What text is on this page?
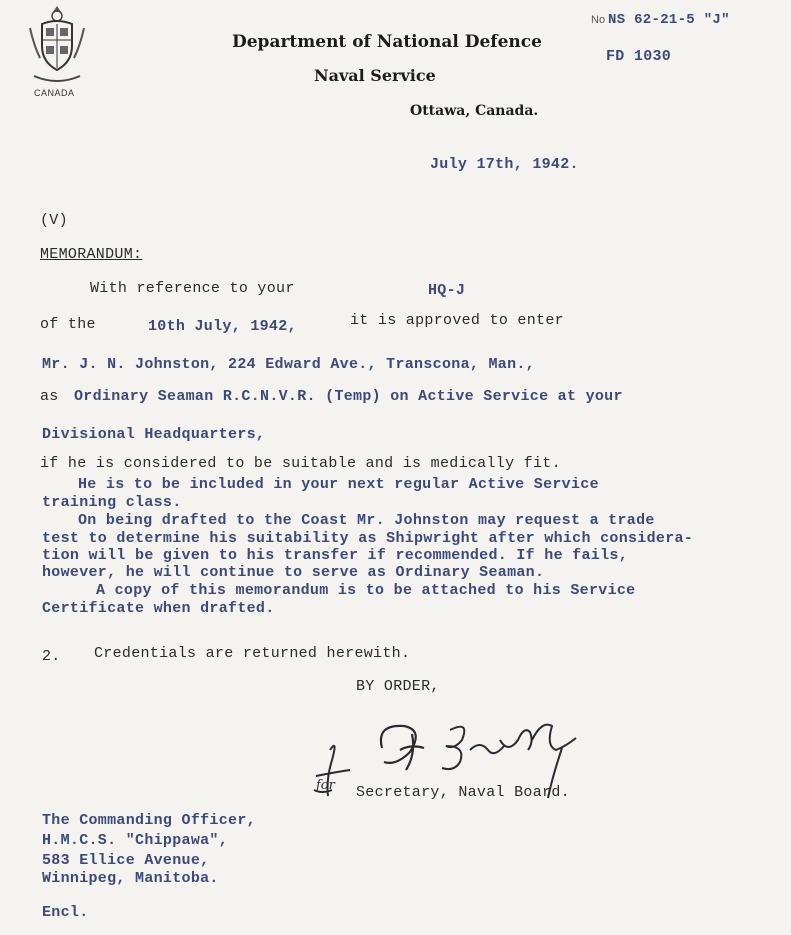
CANADA
Department of National Defence
Naval Service
Ottawa, Canada.
No NS 62-21-5 "J"
FD 1030
July 17th, 1942.
(V)
MEMORANDUM:
With reference to your	HQ-J
of the	10th July, 1942,	it is approved to enter
Mr. J. N. Johnston, 224 Edward Ave., Transcona, Man.,
as Ordinary Seaman R.C.N.V.R. (Temp) on Active Service at your
Divisional Headquarters,
if he is considered to be suitable and is medically fit.
He is to be included in your next regular Active Service
training class.
On being drafted to the Coast Mr. Johnston may request a trade
test to determine his suitability as Shipwright after which considera-
tion will be given to his transfer if recommended. If he fails,
however, he will continue to serve as Ordinary Seaman.
A copy of this memorandum is to be attached to his Service
Certificate when drafted.
2. Credentials are returned herewith.
BY ORDER,
for Secretary, Naval Board.
The Commanding Officer,
H.M.C.S. "Chippawa",
583 Ellice Avenue,
Winnipeg, Manitoba.
Encl.
